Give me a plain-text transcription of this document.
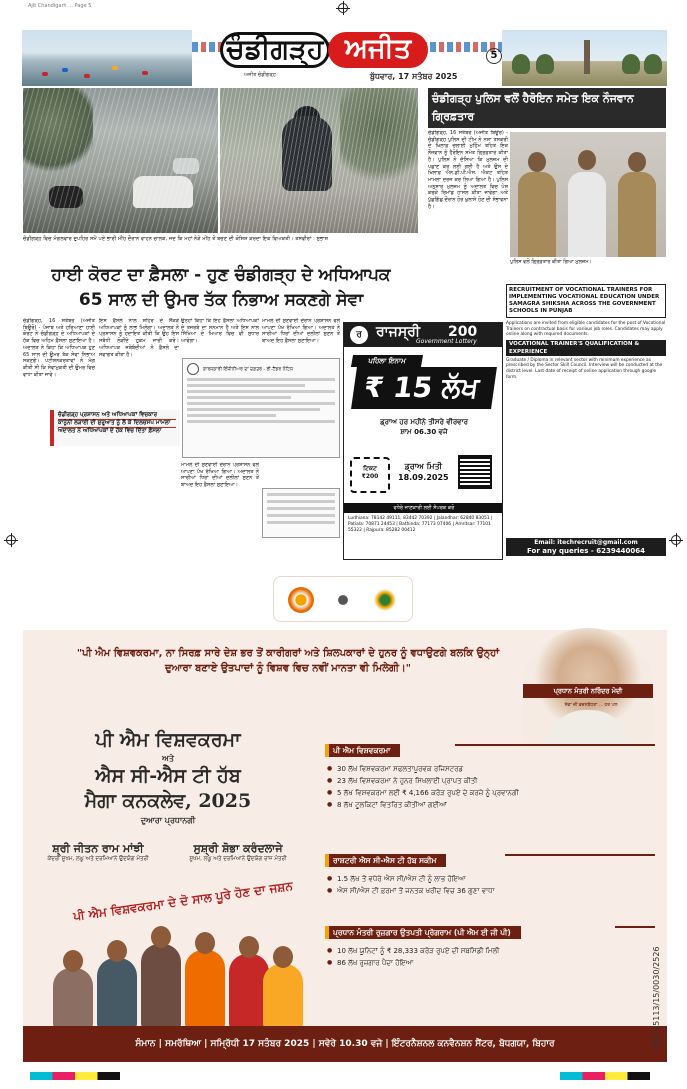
Ajit Chandigarh ... Page 5
ਚੰਡੀਗੜ੍ਹ ਅਜੀਤ
ਅਜੀਤ ਚੰਡੀਗੜ੍ਹ	ਬੁੱਧਵਾਰ, 17 ਸਤੰਬਰ 2025
5
ਚੰਡੀਗੜ੍ਹ ਵਿਚ ਮੰਗਲਵਾਰ ਦੁਪਹਿਰ ਸਮੇਂ ਪਏ ਭਾਰੀ ਮੀਂਹ ਦੌਰਾਨ ਵਾਹਨ ਚਾਲਕ, ਜਦ ਕਿ ਮਹਾਂ ਨੇੜੇ ਮੀਂਹ ਤੋਂ ਬਚਣ ਦੀ ਕੋਸ਼ਿਸ਼ ਕਰਦਾ ਇਕ ਵਿਅਕਤੀ। ਤਸਵੀਰਾਂ : ਸੁਭਾਸ਼
ਚੰਡੀਗੜ੍ਹ ਪੁਲਿਸ ਵਲੋਂ ਹੈਰੋਇਨ ਸਮੇਤ ਇਕ ਨੌਜਵਾਨ ਗ੍ਰਿਫ਼ਤਾਰ
ਚੰਡੀਗੜ੍ਹ, 16 ਸਤੰਬਰ (ਅਜੀਤ ਬਿਊਰੋ) - ਚੰਡੀਗੜ੍ਹ ਪੁਲਿਸ ਦੀ ਟੀਮ ਨੇ ਨਸ਼ਾ ਤਸਕਰੀ ਦੇ ਖ਼ਿਲਾਫ਼ ਚਲਾਈ ਮੁਹਿੰਮ ਤਹਿਤ ਇਕ ਨੌਜਵਾਨ ਨੂੰ ਹੈਰੋਇਨ ਸਮੇਤ ਗ੍ਰਿਫ਼ਤਾਰ ਕੀਤਾ ਹੈ। ਪੁਲਿਸ ਨੇ ਦੱਸਿਆ ਕਿ ਮੁਲਜ਼ਮ ਦੀ ਪਛਾਣ ਕਰ ਲਈ ਗਈ ਹੈ ਅਤੇ ਉਸ ਦੇ ਖ਼ਿਲਾਫ਼ ਐਨ.ਡੀ.ਪੀ.ਐਸ. ਐਕਟ ਤਹਿਤ ਮਾਮਲਾ ਦਰਜ ਕਰ ਲਿਆ ਗਿਆ ਹੈ। ਪੁਲਿਸ ਅਨੁਸਾਰ ਮੁਲਜ਼ਮ ਨੂੰ ਅਦਾਲਤ ਵਿਚ ਪੇਸ਼ ਕਰਕੇ ਰਿਮਾਂਡ ਹਾਸਲ ਕੀਤਾ ਜਾਵੇਗਾ ਅਤੇ ਪੁੱਛਗਿੱਛ ਦੌਰਾਨ ਹੋਰ ਖ਼ੁਲਾਸੇ ਹੋਣ ਦੀ ਸੰਭਾਵਨਾ ਹੈ।
ਪੁਲਿਸ ਵਲੋਂ ਗ੍ਰਿਫ਼ਤਾਰ ਕੀਤਾ ਗਿਆ ਮੁਲਜ਼ਮ।
ਹਾਈ ਕੋਰਟ ਦਾ ਫ਼ੈਸਲਾ - ਹੁਣ ਚੰਡੀਗੜ੍ਹ ਦੇ ਅਧਿਆਪਕ
65 ਸਾਲ ਦੀ ਉਮਰ ਤੱਕ ਨਿਭਾਅ ਸਕਣਗੇ ਸੇਵਾ
ਚੰਡੀਗੜ੍ਹ, 16 ਸਤੰਬਰ (ਅਜੀਤ ਬਿਊਰੋ) - ਪੰਜਾਬ ਅਤੇ ਹਰਿਆਣਾ ਹਾਈ ਕੋਰਟ ਨੇ ਚੰਡੀਗੜ੍ਹ ਦੇ ਅਧਿਆਪਕਾਂ ਦੇ ਹੱਕ ਵਿਚ ਅਹਿਮ ਫ਼ੈਸਲਾ ਸੁਣਾਇਆ ਹੈ। ਅਦਾਲਤ ਨੇ ਕਿਹਾ ਕਿ ਅਧਿਆਪਕ ਹੁਣ 65 ਸਾਲ ਦੀ ਉਮਰ ਤੱਕ ਸੇਵਾ ਨਿਭਾਅ ਸਕਣਗੇ। ਪਟੀਸ਼ਨਕਰਤਾਵਾਂ ਨੇ ਮੰਗ ਕੀਤੀ ਸੀ ਕਿ ਸੇਵਾਮੁਕਤੀ ਦੀ ਉਮਰ ਵਿਚ ਵਾਧਾ ਕੀਤਾ ਜਾਵੇ।
ਇਸ ਫ਼ੈਸਲੇ ਨਾਲ ਸ਼ਹਿਰ ਦੇ ਸੈਂਕੜੇ ਅਧਿਆਪਕਾਂ ਨੂੰ ਲਾਭ ਮਿਲੇਗਾ। ਅਦਾਲਤ ਨੇ ਪ੍ਰਸ਼ਾਸਨ ਨੂੰ ਹਦਾਇਤ ਕੀਤੀ ਕਿ ਉਹ ਇਸ ਸਬੰਧੀ ਲੋੜੀਂਦੇ ਹੁਕਮ ਜਾਰੀ ਕਰੇ। ਅਧਿਆਪਕ ਜਥੇਬੰਦੀਆਂ ਨੇ ਫ਼ੈਸਲੇ ਦਾ ਸਵਾਗਤ ਕੀਤਾ ਹੈ।
ਉਨ੍ਹਾਂ ਕਿਹਾ ਕਿ ਇਹ ਫ਼ੈਸਲਾ ਅਧਿਆਪਕਾਂ ਦੇ ਤਜਰਬੇ ਦਾ ਸਨਮਾਨ ਹੈ ਅਤੇ ਇਸ ਨਾਲ ਸਿੱਖਿਆ ਦੇ ਮਿਆਰ ਵਿਚ ਵੀ ਸੁਧਾਰ ਆਵੇਗਾ।
ਮਾਮਲੇ ਦੀ ਸੁਣਵਾਈ ਦੌਰਾਨ ਪ੍ਰਸ਼ਾਸਨ ਵਲੋਂ ਆਪਣਾ ਪੱਖ ਰੱਖਿਆ ਗਿਆ। ਅਦਾਲਤ ਨੇ ਸਾਰੀਆਂ ਧਿਰਾਂ ਦੀਆਂ ਦਲੀਲਾਂ ਸੁਣਨ ਤੋਂ ਬਾਅਦ ਇਹ ਫ਼ੈਸਲਾ ਸੁਣਾਇਆ।
ਮਾਮਲੇ ਦੀ ਸੁਣਵਾਈ ਦੌਰਾਨ ਪ੍ਰਸ਼ਾਸਨ ਵਲੋਂ ਆਪਣਾ ਪੱਖ ਰੱਖਿਆ ਗਿਆ। ਅਦਾਲਤ ਨੇ ਸਾਰੀਆਂ ਧਿਰਾਂ ਦੀਆਂ ਦਲੀਲਾਂ ਸੁਣਨ ਤੋਂ ਬਾਅਦ ਇਹ ਫ਼ੈਸਲਾ ਸੁਣਾਇਆ।
ਚੰਡੀਗੜ੍ਹ ਪ੍ਰਸ਼ਾਸਨ ਅਤੇ ਅਧਿਆਪਕਾਂ ਵਿਚਕਾਰ
ਕਾਨੂੰਨੀ ਲੜਾਈ ਦੀ ਸ਼ੁਰੂਆਤ ਨੂੰ ਲੈ ਕੇ ਦਿਲਚਸਪ ਮਾਮਲਾ
ਅਦਾਲਤ ਨੇ ਅਧਿਆਪਕਾਂ ਦੇ ਹੱਕ ਵਿਚ ਦਿੱਤਾ ਫ਼ੈਸਲਾ
ਕਾਰਜਕਾਰੀ ਇੰਜੀਨੀਅਰ ਦਾ ਦਫ਼ਤਰ - ਈ-ਟੈਂਡਰ ਨੋਟਿਸ
ਰ	ਰਾਜਸ੍ਰੀ 200
Government Lottery
ਪਹਿਲਾ ਇਨਾਮ
₹ 15 ਲੱਖ
ਡ੍ਰਾਅ ਹਰ ਮਹੀਨੇ ਤੀਸਰੇ ਵੀਰਵਾਰ
ਸ਼ਾਮ 06.30 ਵਜੇ
ਟਿਕਟ
₹200
ਡ੍ਰਾਅ ਮਿਤੀ
18.09.2025
ਵਧੇਰੇ ਜਾਣਕਾਰੀ ਲਈ ਸੰਪਰਕ ਕਰੋ
Ludhiana: 78142 49111, 83442 70392 | Jalandhar: 62840 83051 | Patiala: 70871 24453 | Bathinda: 77173 07406 | Amritsar: 77101 55322 | Rajpura: 85282 00412
RECRUITMENT OF VOCATIONAL TRAINERS FOR IMPLEMENTING VOCATIONAL EDUCATION UNDER SAMAGRA SHIKSHA ACROSS THE GOVERNMENT SCHOOLS IN PUNJAB
Applications are invited from eligible candidates for the post of Vocational Trainers on contractual basis for various job roles. Candidates may apply online along with required documents.
VOCATIONAL TRAINER'S QUALIFICATION & EXPERIENCE
Graduate / Diploma in relevant sector with minimum experience as prescribed by the Sector Skill Council. Interview will be conducted at the district level. Last date of receipt of online application through google form.
Email: itechrecruit@gmail.com
For any queries - 6239440064
"ਪੀ ਐਮ ਵਿਸ਼ਵਕਰਮਾ, ਨਾ ਸਿਰਫ਼ ਸਾਰੇ ਦੇਸ਼ ਭਰ ਤੋਂ ਕਾਰੀਗਰਾਂ ਅਤੇ ਸ਼ਿਲਪਕਾਰਾਂ ਦੇ ਹੁਨਰ ਨੂੰ ਵਧਾਉਣਗੇ ਬਲਕਿ ਉਨ੍ਹਾਂ ਦੁਆਰਾ ਬਣਾਏ ਉਤਪਾਦਾਂ ਨੂੰ ਵਿਸ਼ਵ ਵਿਚ ਨਵੀਂ ਮਾਨਤਾ ਵੀ ਮਿਲੇਗੀ।"
ਪ੍ਰਧਾਨ ਮੰਤਰੀ ਨਰਿੰਦਰ ਮੋਦੀ
ਸੇਵਾ ਦੀ ਵਚਨਬੱਧਤਾ ... ਹਰ ਪਲ
ਪੀ ਐਮ ਵਿਸ਼ਵਕਰਮਾ
ਅਤੇ
ਐਸ ਸੀ-ਐਸ ਟੀ ਹੱਬ
ਮੈਗਾ ਕਨਕਲੇਵ, 2025
ਦੁਆਰਾ ਪ੍ਰਧਾਨਗੀ
ਸ਼੍ਰੀ ਜੀਤਨ ਰਾਮ ਮਾਂਝੀ
ਕੇਂਦਰੀ ਸੂਖਮ, ਲਘੂ ਅਤੇ ਦਰਮਿਆਨੇ ਉਦਯੋਗ ਮੰਤਰੀ
ਸੁਸ਼੍ਰੀ ਸ਼ੋਭਾ ਕਰੰਦਲਾਜੇ
ਸੂਖਮ, ਲਘੂ ਅਤੇ ਦਰਮਿਆਨੇ ਉਦਯੋਗ ਰਾਜ ਮੰਤਰੀ
ਪੀ ਐਮ ਵਿਸ਼ਵਕਰਮਾ ਦੇ ਦੋ ਸਾਲ ਪੂਰੇ ਹੋਣ ਦਾ ਜਸ਼ਨ
ਪੀ ਐਮ ਵਿਸ਼ਵਕਰਮਾ
● 30 ਲੱਖ ਵਿਸ਼ਵਕਰਮਾ ਸਫਲਤਾਪੂਰਵਕ ਰਜਿਸਟਰਡ
● 23 ਲੱਖ ਵਿਸ਼ਵਕਰਮਾ ਨੇ ਹੁਨਰ ਸਿਖਲਾਈ ਪ੍ਰਾਪਤ ਕੀਤੀ
● 5 ਲੱਖ ਵਿਸ਼ਵਕਰਮਾ ਲਈ ₹ 4,166 ਕਰੋੜ ਰੁਪਏ ਦੇ ਕਰਜ਼ੇ ਨੂੰ ਪ੍ਰਵਾਨਗੀ
● 8 ਲੱਖ ਟੂਲਕਿਟਾਂ ਵਿਤਰਿਤ ਕੀਤੀਆਂ ਗਈਆਂ
ਰਾਸ਼ਟਰੀ ਐਸ ਸੀ-ਐਸ ਟੀ ਹੱਬ ਸਕੀਮ
● 1.5 ਲੱਖ ਤੋਂ ਵਧੇਰੇ ਐਸ ਸੀ/ਐਸ ਟੀ ਨੂੰ ਲਾਭ ਹੋਇਆ
● ਐਸ ਸੀ/ਐਸ ਟੀ ਫ਼ਰਮਾਂ ਤੋਂ ਜਨਤਕ ਖਰੀਦ ਵਿਚ 36 ਗੁਣਾ ਵਾਧਾ
ਪ੍ਰਧਾਨ ਮੰਤਰੀ ਰੁਜ਼ਗਾਰ ਉਤਪਤੀ ਪ੍ਰੋਗਰਾਮ (ਪੀ ਐਮ ਈ ਜੀ ਪੀ)
● 10 ਲੱਖ ਯੂਨਿਟਾਂ ਨੂੰ ₹ 28,333 ਕਰੋੜ ਰੁਪਏ ਦੀ ਸਬਸਿਡੀ ਮਿਲੀ
● 86 ਲੱਖ ਰੁਜ਼ਗਾਰ ਪੈਦਾ ਹੋਇਆ
ਸੰਮਾਨ | ਸਮਰੱਥਿਆ | ਸਮ੍ਰਿੱਧੀ 17 ਸਤੰਬਰ 2025 | ਸਵੇਰੇ 10.30 ਵਜੇ | ਇੰਟਰਨੈਸ਼ਨਲ ਕਨਵੈਨਸ਼ਨ ਸੈਂਟਰ, ਬੋਧਗਯਾ, ਬਿਹਾਰ	CBC 25113/15/0030/2526
